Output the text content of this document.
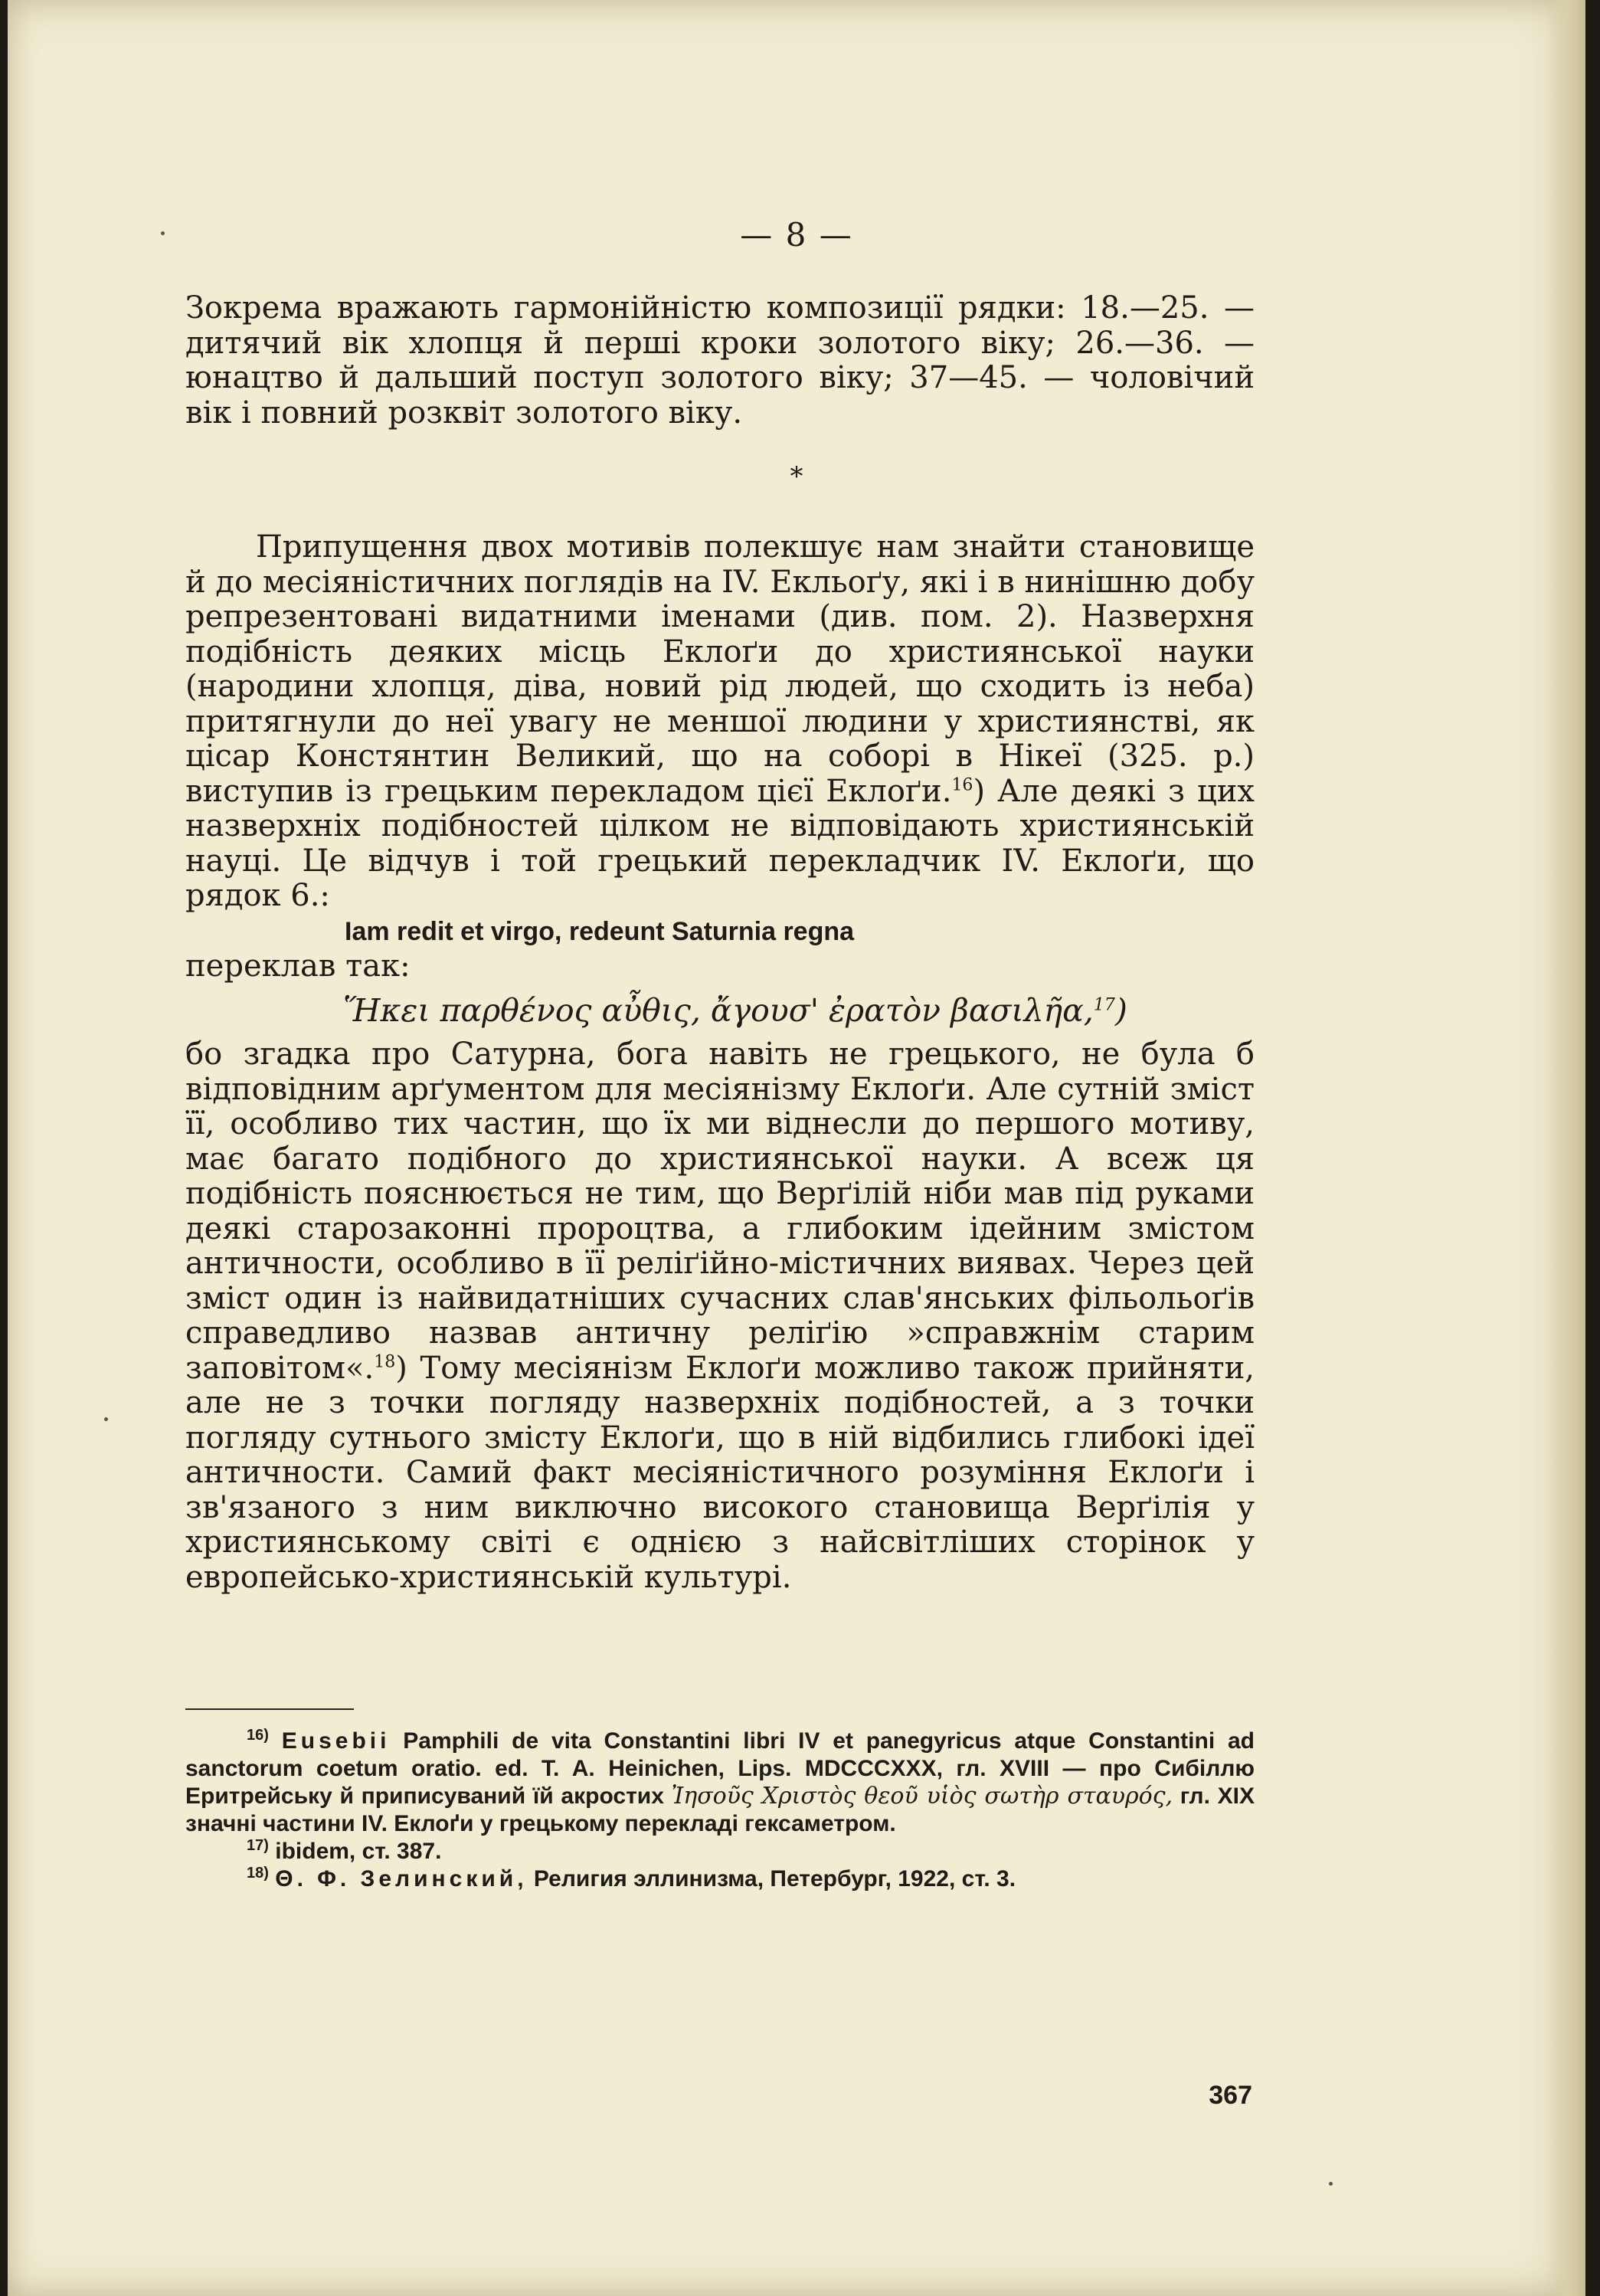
— 8 —

Зокрема вражають гармонійністю композиції рядки: 18.—25. — дитячий вік хлопця й перші кроки золотого віку; 26.—36. — юнацтво й дальший поступ золотого віку; 37—45. — чоловічий вік і повний розквіт золотого віку.

*

Припущення двох мотивів полекшує нам знайти становище й до месіяністичних поглядів на IV. Екльоґу, які і в нинішню добу репрезентовані видатними іменами (див. пом. 2). Назверхня подібність деяких місць Еклоґи до християнської науки (народини хлопця, діва, новий рід людей, що сходить із неба) притягнули до неї увагу не меншої людини у християнстві, як цісар Констянтин Великий, що на соборі в Нікеї (325. р.) виступив із грецьким перекладом цієї Еклоґи.$^{16}$) Але деякі з цих назверхніх подібностей цілком не відповідають християнській науці. Це відчув і той грецький перекладчик IV. Еклоґи, що рядок 6.:

Iam redit et virgo, redeunt Saturnia regna

переклав так:

Ἥκει παρθένος αὖθις, ἄγουσ' ἐρατὸν βασιλῆα,$^{17}$)

бо згадка про Сатурна, бога навіть не грецького, не була б відповідним арґументом для месіянізму Еклоґи. Але сутній зміст її, особливо тих частин, що їх ми віднесли до першого мотиву, має багато подібного до християнської науки. А всеж ця подібність пояснюється не тим, що Верґілій ніби мав під руками деякі старозаконні пророцтва, а глибоким ідейним змістом античности, особливо в її реліґійно-містичних виявах. Через цей зміст один із найвидатніших сучасних слав'янських фільольоґів справедливо назвав античну реліґію »справжнім старим заповітом«.$^{18}$) Тому месіянізм Еклоґи можливо також прийняти, але не з точки погляду назверхніх подібностей, а з точки погляду сутнього змісту Еклоґи, що в ній відбились глибокі ідеї античности. Самий факт месіяністичного розуміння Еклоґи і зв'язаного з ним виключно високого становища Верґілія у християнському світі є однією з найсвітліших сторінок у европейсько-християнській культурі.

$^{16)}$ Eusebii Pamphili de vita Constantini libri IV et panegyricus atque Constantini ad sanctorum coetum oratio. ed. T. A. Heinichen, Lips. MDCCCXXX, гл. XVIII — про Сибіллю Еритрейську й приписуваний їй акростих Ἰησοῦς Χριστὸς θεοῦ υἱὸς σωτὴρ σταυρός, гл. XIX значні частини IV. Еклоґи у грецькому перекладі гексаметром.

$^{17)}$ ibidem, ст. 387.

$^{18)}$ Θ. Φ. Зелинский, Религия эллинизма, Петербург, 1922, ст. 3.

367
